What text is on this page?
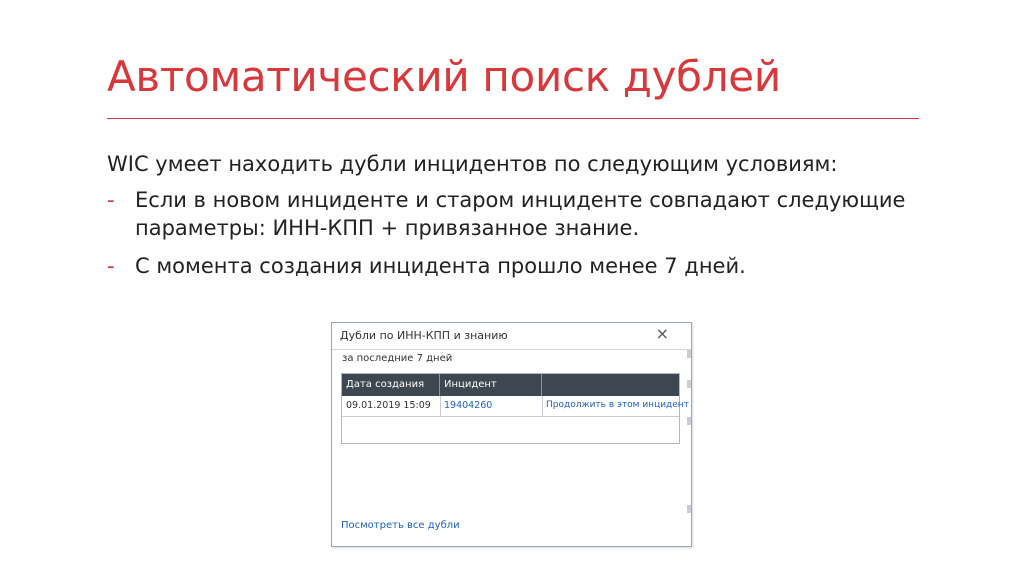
Автоматический поиск дублей

WIC умеет находить дубли инцидентов по следующим условиям:

- Если в новом инциденте и старом инциденте совпадают следующие параметры: ИНН-КПП + привязанное знание.
- С момента создания инцидента прошло менее 7 дней.
Дубли по ИНН-КПП и знанию	×
за последние 7 дней
Дата создания	Инцидент
09.01.2019 15:09	19404260	Продолжить в этом инцидент
Посмотреть все дубли
